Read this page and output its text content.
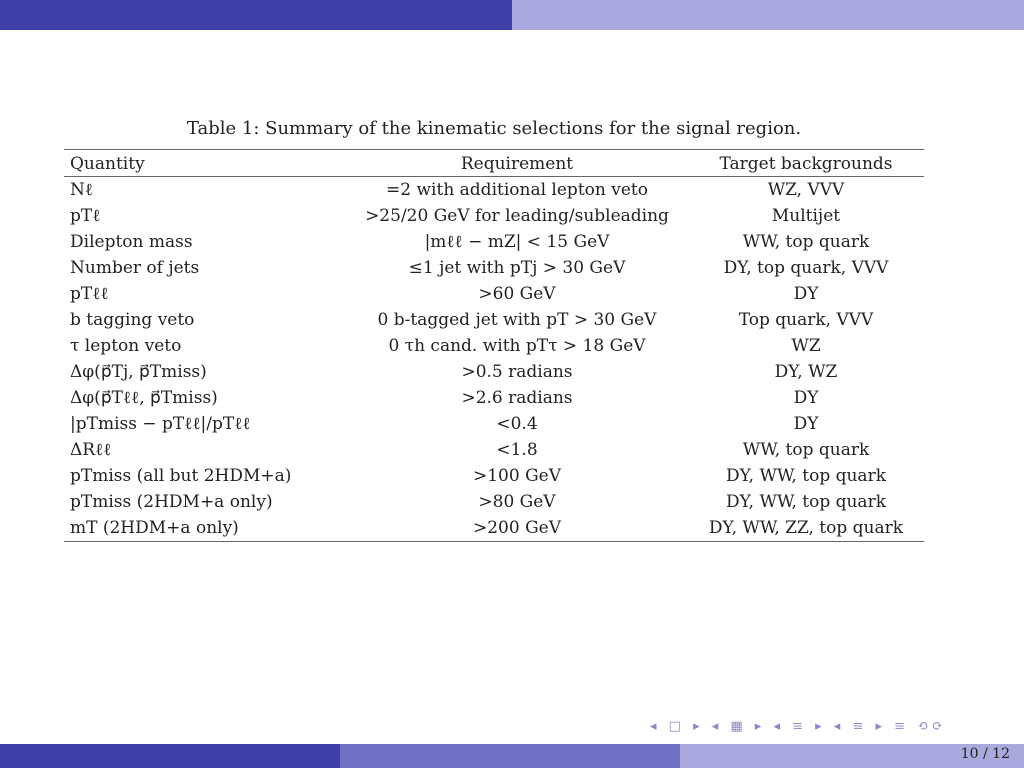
Table 1: Summary of the kinematic selections for the signal region.
Quantity	Requirement	Target backgrounds
Nℓ	=2 with additional lepton veto	WZ, VVV
pTℓ	>25/20 GeV for leading/subleading	Multijet
Dilepton mass	|mℓℓ − mZ| < 15 GeV	WW, top quark
Number of jets	≤1 jet with pTj > 30 GeV	DY, top quark, VVV
pTℓℓ	>60 GeV	DY
b tagging veto	0 b-tagged jet with pT > 30 GeV	Top quark, VVV
τ lepton veto	0 τh cand. with pTτ > 18 GeV	WZ
Δφ(p⃗Tj, p⃗Tmiss)	>0.5 radians	DY, WZ
Δφ(p⃗Tℓℓ, p⃗Tmiss)	>2.6 radians	DY
|pTmiss − pTℓℓ|/pTℓℓ	<0.4	DY
ΔRℓℓ	<1.8	WW, top quark
pTmiss (all but 2HDM+a)	>100 GeV	DY, WW, top quark
pTmiss (2HDM+a only)	>80 GeV	DY, WW, top quark
mT (2HDM+a only)	>200 GeV	DY, WW, ZZ, top quark
◂ □ ▸ ◂ ▦ ▸ ◂ ≡ ▸ ◂ ≡ ▸ ≡ ⟲⟳
10 / 12
